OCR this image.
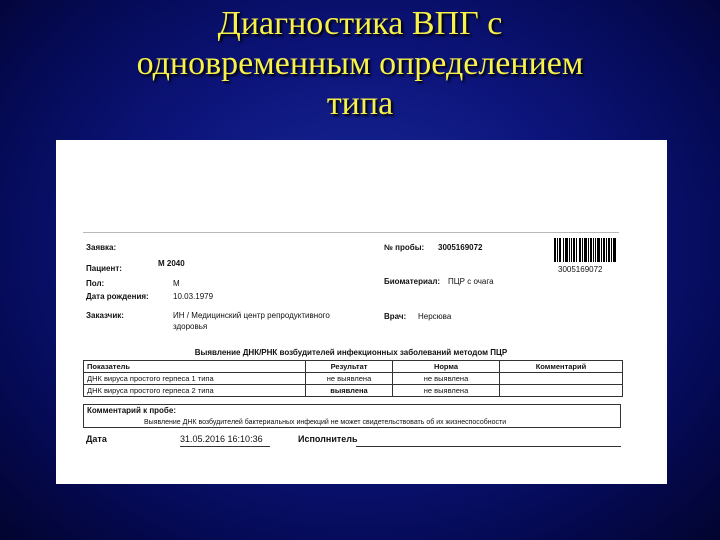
Диагностика ВПГ с
одновременным определением
типа
Заявка:	№ пробы: 3005169072
3005169072
Пациент:
М 2040
Пол:	М	Биоматериал: ПЦР с очага
Дата рождения:	10.03.1979
Заказчик:	ИН / Медицинский центр репродуктивного
здоровья
Врач: Нерсюва
Выявление ДНК/РНК возбудителей инфекционных заболеваний методом ПЦР
Показатель	Результат	Норма	Комментарий
ДНК вируса простого герпеса 1 типа	не выявлена	не выявлена	
ДНК вируса простого герпеса 2 типа	выявлена	не выявлена	
Комментарий к пробе:
Выявление ДНК возбудителей бактериальных инфекций не может свидетельствовать об их жизнеспособности
Дата	31.05.2016 16:10:36	Исполнитель
